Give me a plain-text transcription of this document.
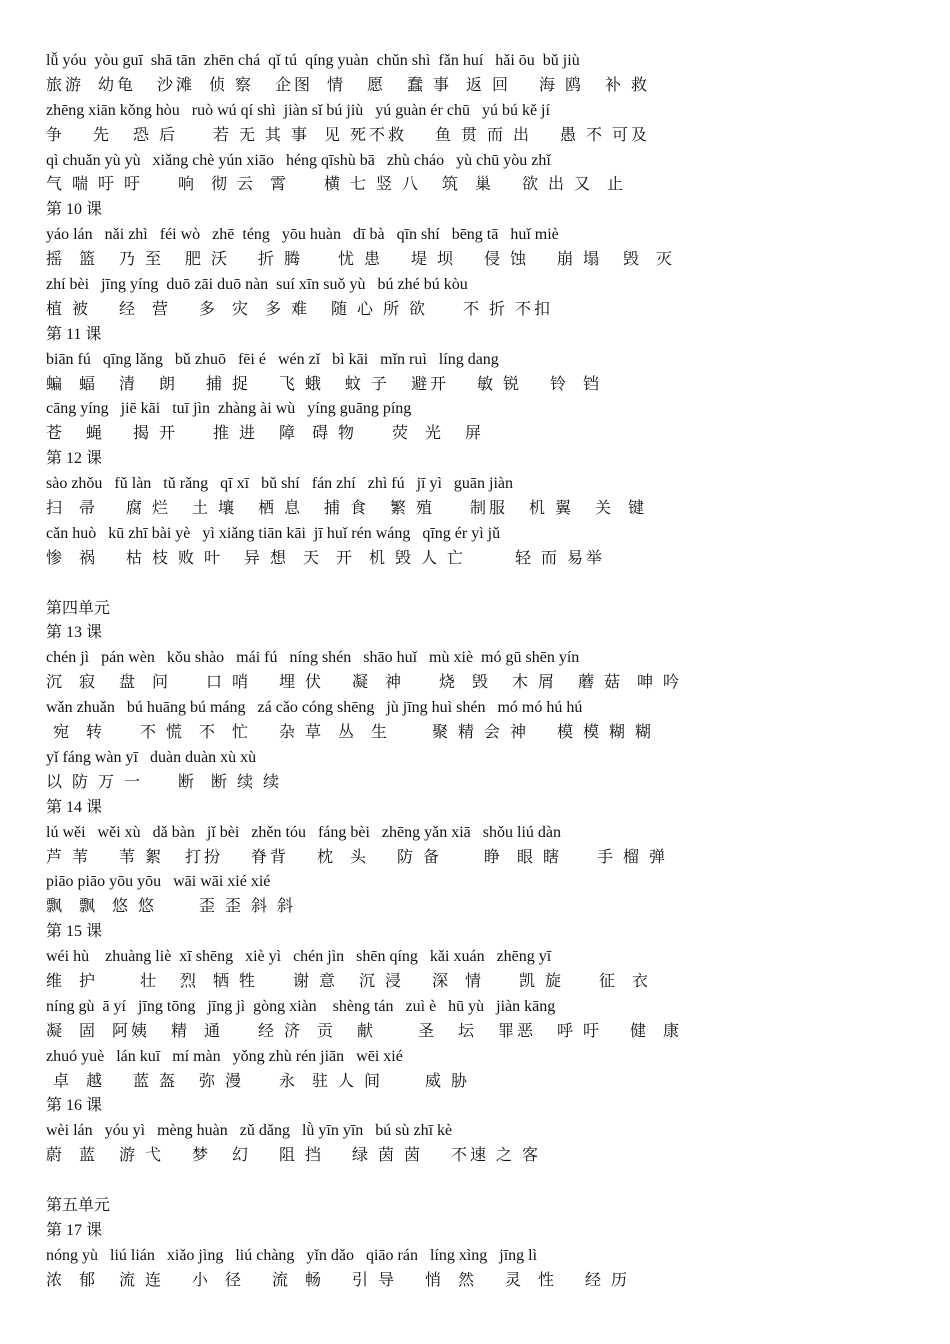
lǚ yóu  yòu guī  shā tān  zhēn chá  qǐ tú  qíng yuàn  chǔn shì  fǎn huí   hǎi ōu  bǔ jiù
旅游  幼龟   沙滩  侦 察   企图  情   愿   蠢 事  返 回    海 鸥   补 救
zhēng xiān kǒng hòu   ruò wú qí shì  jiàn sǐ bú jiù   yú guàn ér chū   yú bú kě jí
争    先   恐 后     若 无 其 事  见 死不救    鱼 贯 而 出    愚 不 可及
qì chuǎn yù yù   xiǎng chè yún xiāo   héng qīshù bā   zhù cháo   yù chū yòu zhǐ
气 喘 吁 吁     响  彻 云  霄     横 七 竖 八   筑  巢    欲 出 又  止
第 10 课
yáo lán   nǎi zhì   féi wò   zhē  téng   yōu huàn   dī bà   qīn shí   bēng tā   huǐ miè
摇  篮   乃 至   肥 沃    折 腾     忧 患    堤 坝    侵 蚀    崩 塌   毁  灭
zhí bèi   jīng yíng  duō zāi duō nàn  suí xīn suǒ yù   bú zhé bú kòu
植 被    经  营    多  灾  多 难   随 心 所 欲     不 折 不扣
第 11 课
biān fú   qīng lǎng   bǔ zhuō   fēi é   wén zǐ   bì kāi   mǐn ruì   líng dang
蝙  蝠   清   朗    捕 捉    飞 蛾   蚊 子   避开    敏 锐    铃  铛
cāng yíng   jiē kāi   tuī jìn  zhàng ài wù   yíng guāng píng
苍   蝇    揭 开     推 进   障  碍 物     荧  光   屏
第 12 课
sào zhǒu   fǔ làn   tǔ rǎng   qī xī   bǔ shí   fán zhí   zhì fú   jī yì   guān jiàn
扫  帚    腐 烂   土 壤   栖 息   捕 食   繁 殖     制服   机 翼   关  键
cǎn huò   kū zhī bài yè   yì xiǎng tiān kāi  jī huǐ rén wáng   qīng ér yì jǔ
惨  祸    枯 枝 败 叶   异 想  天  开  机 毁 人 亡       轻 而 易举
第四单元
第 13 课
chén jì   pán wèn   kǒu shào   mái fú   níng shén   shāo huǐ   mù xiè  mó gū shēn yín
沉  寂   盘  问     口 哨    埋 伏    凝  神     烧  毁   木 屑   蘑 菇  呻 吟
wǎn zhuǎn   bú huāng bú máng   zá cǎo cóng shēng   jù jīng huì shén   mó mó hú hú
宛  转     不 慌  不  忙    杂 草  丛  生      聚 精 会 神    模 模 糊 糊
yǐ fáng wàn yī   duàn duàn xù xù
以 防 万 一     断  断 续 续
第 14 课
lú wěi   wěi xù   dǎ bàn   jǐ bèi   zhěn tóu   fáng bèi   zhēng yǎn xiā   shǒu liú dàn
芦 苇    苇 絮   打扮    脊背    枕  头    防 备      睁  眼 瞎     手 榴 弹
piāo piāo yōu yōu   wāi wāi xié xié
飘  飘  悠 悠      歪 歪 斜 斜
第 15 课
wéi hù    zhuàng liè  xī shēng   xiè yì   chén jìn   shēn qíng   kǎi xuán   zhēng yī
维  护      壮   烈  牺 牲     谢 意   沉 浸    深  情     凯 旋     征  衣
níng gù  ā yí   jīng tōng   jīng jì  gòng xiàn    shèng tán   zuì è   hū yù   jiàn kāng
凝  固  阿姨   精  通     经 济  贡   献      圣   坛   罪恶   呼 吁    健  康
zhuó yuè   lán kuī   mí màn   yǒng zhù rén jiān   wēi xié
卓  越    蓝 盔   弥 漫     永  驻 人 间      威 胁
第 16 课
wèi lán   yóu yì   mèng huàn   zǔ dǎng   lǜ yīn yīn   bú sù zhī kè
蔚  蓝   游 弋    梦   幻    阻 挡    绿 茵 茵    不速 之 客
第五单元
第 17 课
nóng yù   liú lián   xiǎo jìng   liú chàng   yǐn dǎo   qiāo rán   líng xìng   jīng lì
浓  郁   流 连    小  径    流  畅    引 导    悄  然    灵  性    经 历
